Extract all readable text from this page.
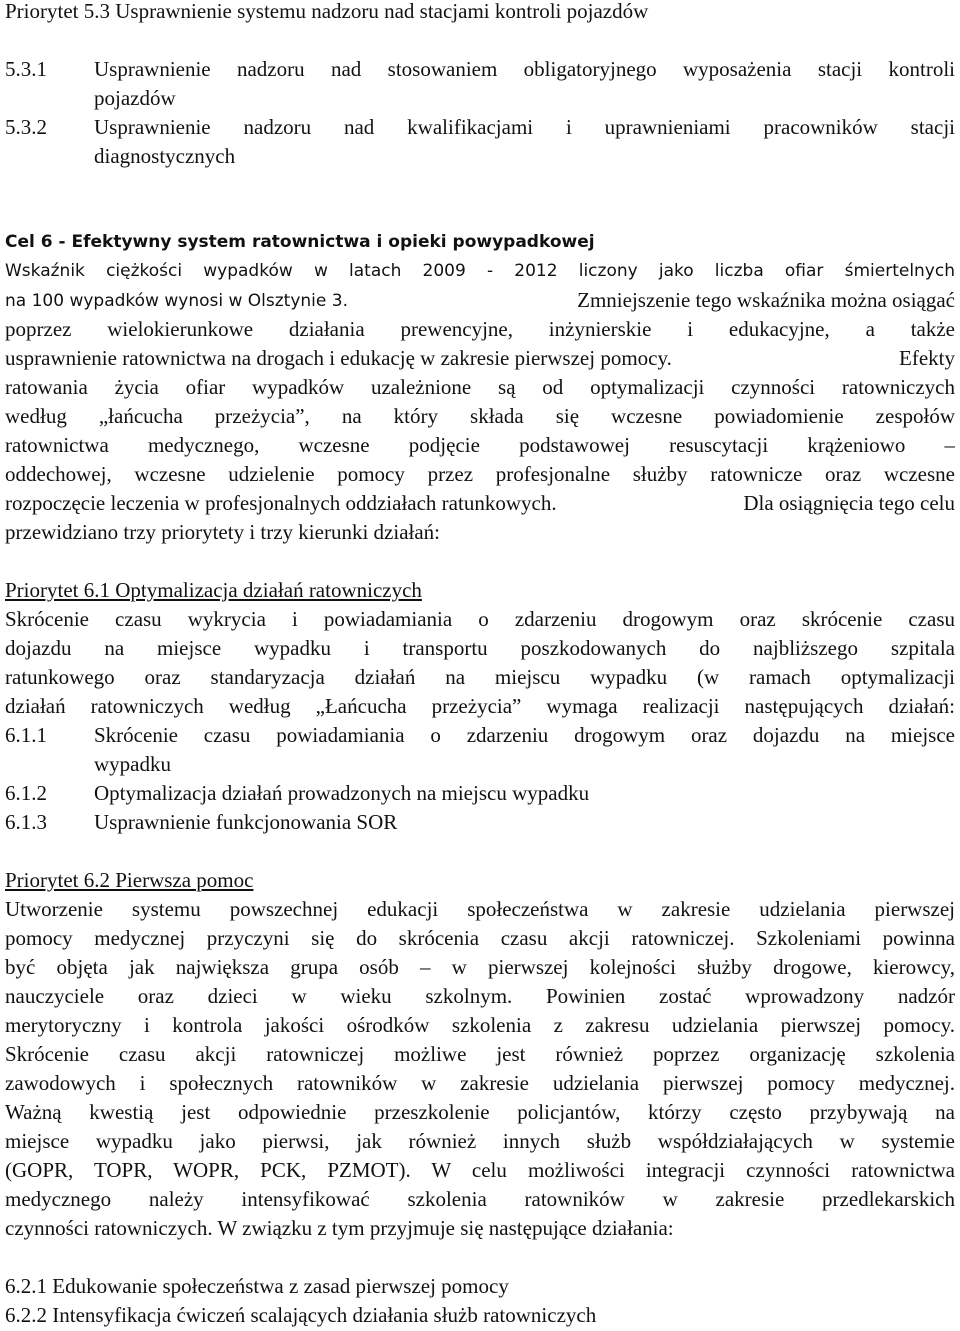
Priorytet 5.3 Usprawnienie systemu nadzoru nad stacjami kontroli pojazdów

5.3.1 Usprawnienie nadzoru nad stosowaniem obligatoryjnego wyposażenia stacji kontroli

pojazdów

5.3.2 Usprawnienie nadzoru nad kwalifikacjami i uprawnieniami pracowników stacji

diagnostycznych

Cel 6 - Efektywny system ratownictwa i opieki powypadkowej

Wskaźnik ciężkości wypadków w latach 2009 - 2012 liczony jako liczba ofiar śmiertelnych

na 100 wypadków wynosi w Olsztynie 3.	Zmniejszenie tego wskaźnika można osiągać

poprzez wielokierunkowe działania prewencyjne, inżynierskie i edukacyjne, a także

usprawnienie ratownictwa na drogach i edukację w zakresie pierwszej pomocy.	Efekty

ratowania życia ofiar wypadków uzależnione są od optymalizacji czynności ratowniczych

według „łańcucha przeżycia”, na który składa się wczesne powiadomienie zespołów

ratownictwa medycznego, wczesne podjęcie podstawowej resuscytacji krążeniowo –

oddechowej, wczesne udzielenie pomocy przez profesjonalne służby ratownicze oraz wczesne

rozpoczęcie leczenia w profesjonalnych oddziałach ratunkowych.	Dla osiągnięcia tego celu

przewidziano trzy priorytety i trzy kierunki działań:

Priorytet 6.1 Optymalizacja działań ratowniczych

Skrócenie czasu wykrycia i powiadamiania o zdarzeniu drogowym oraz skrócenie czasu

dojazdu na miejsce wypadku i transportu poszkodowanych do najbliższego szpitala

ratunkowego oraz standaryzacja działań na miejscu wypadku (w ramach optymalizacji

działań ratowniczych według „Łańcucha przeżycia” wymaga realizacji następujących działań:

6.1.1 Skrócenie czasu powiadamiania o zdarzeniu drogowym oraz dojazdu na miejsce

wypadku

6.1.2 Optymalizacja działań prowadzonych na miejscu wypadku

6.1.3 Usprawnienie funkcjonowania SOR

Priorytet 6.2 Pierwsza pomoc

Utworzenie systemu powszechnej edukacji społeczeństwa w zakresie udzielania pierwszej

pomocy medycznej przyczyni się do skrócenia czasu akcji ratowniczej. Szkoleniami powinna

być objęta jak największa grupa osób – w pierwszej kolejności służby drogowe, kierowcy,

nauczyciele oraz dzieci w wieku szkolnym. Powinien zostać wprowadzony nadzór

merytoryczny i kontrola jakości ośrodków szkolenia z zakresu udzielania pierwszej pomocy.

Skrócenie czasu akcji ratowniczej możliwe jest również poprzez organizację szkolenia

zawodowych i społecznych ratowników w zakresie udzielania pierwszej pomocy medycznej.

Ważną kwestią jest odpowiednie przeszkolenie policjantów, którzy często przybywają na

miejsce wypadku jako pierwsi, jak również innych służb współdziałających w systemie

(GOPR, TOPR, WOPR, PCK, PZMOT). W celu możliwości integracji czynności ratownictwa

medycznego należy intensyfikować szkolenia ratowników w zakresie przedlekarskich

czynności ratowniczych. W związku z tym przyjmuje się następujące działania:

6.2.1 Edukowanie społeczeństwa z zasad pierwszej pomocy

6.2.2 Intensyfikacja ćwiczeń scalających działania służb ratowniczych
